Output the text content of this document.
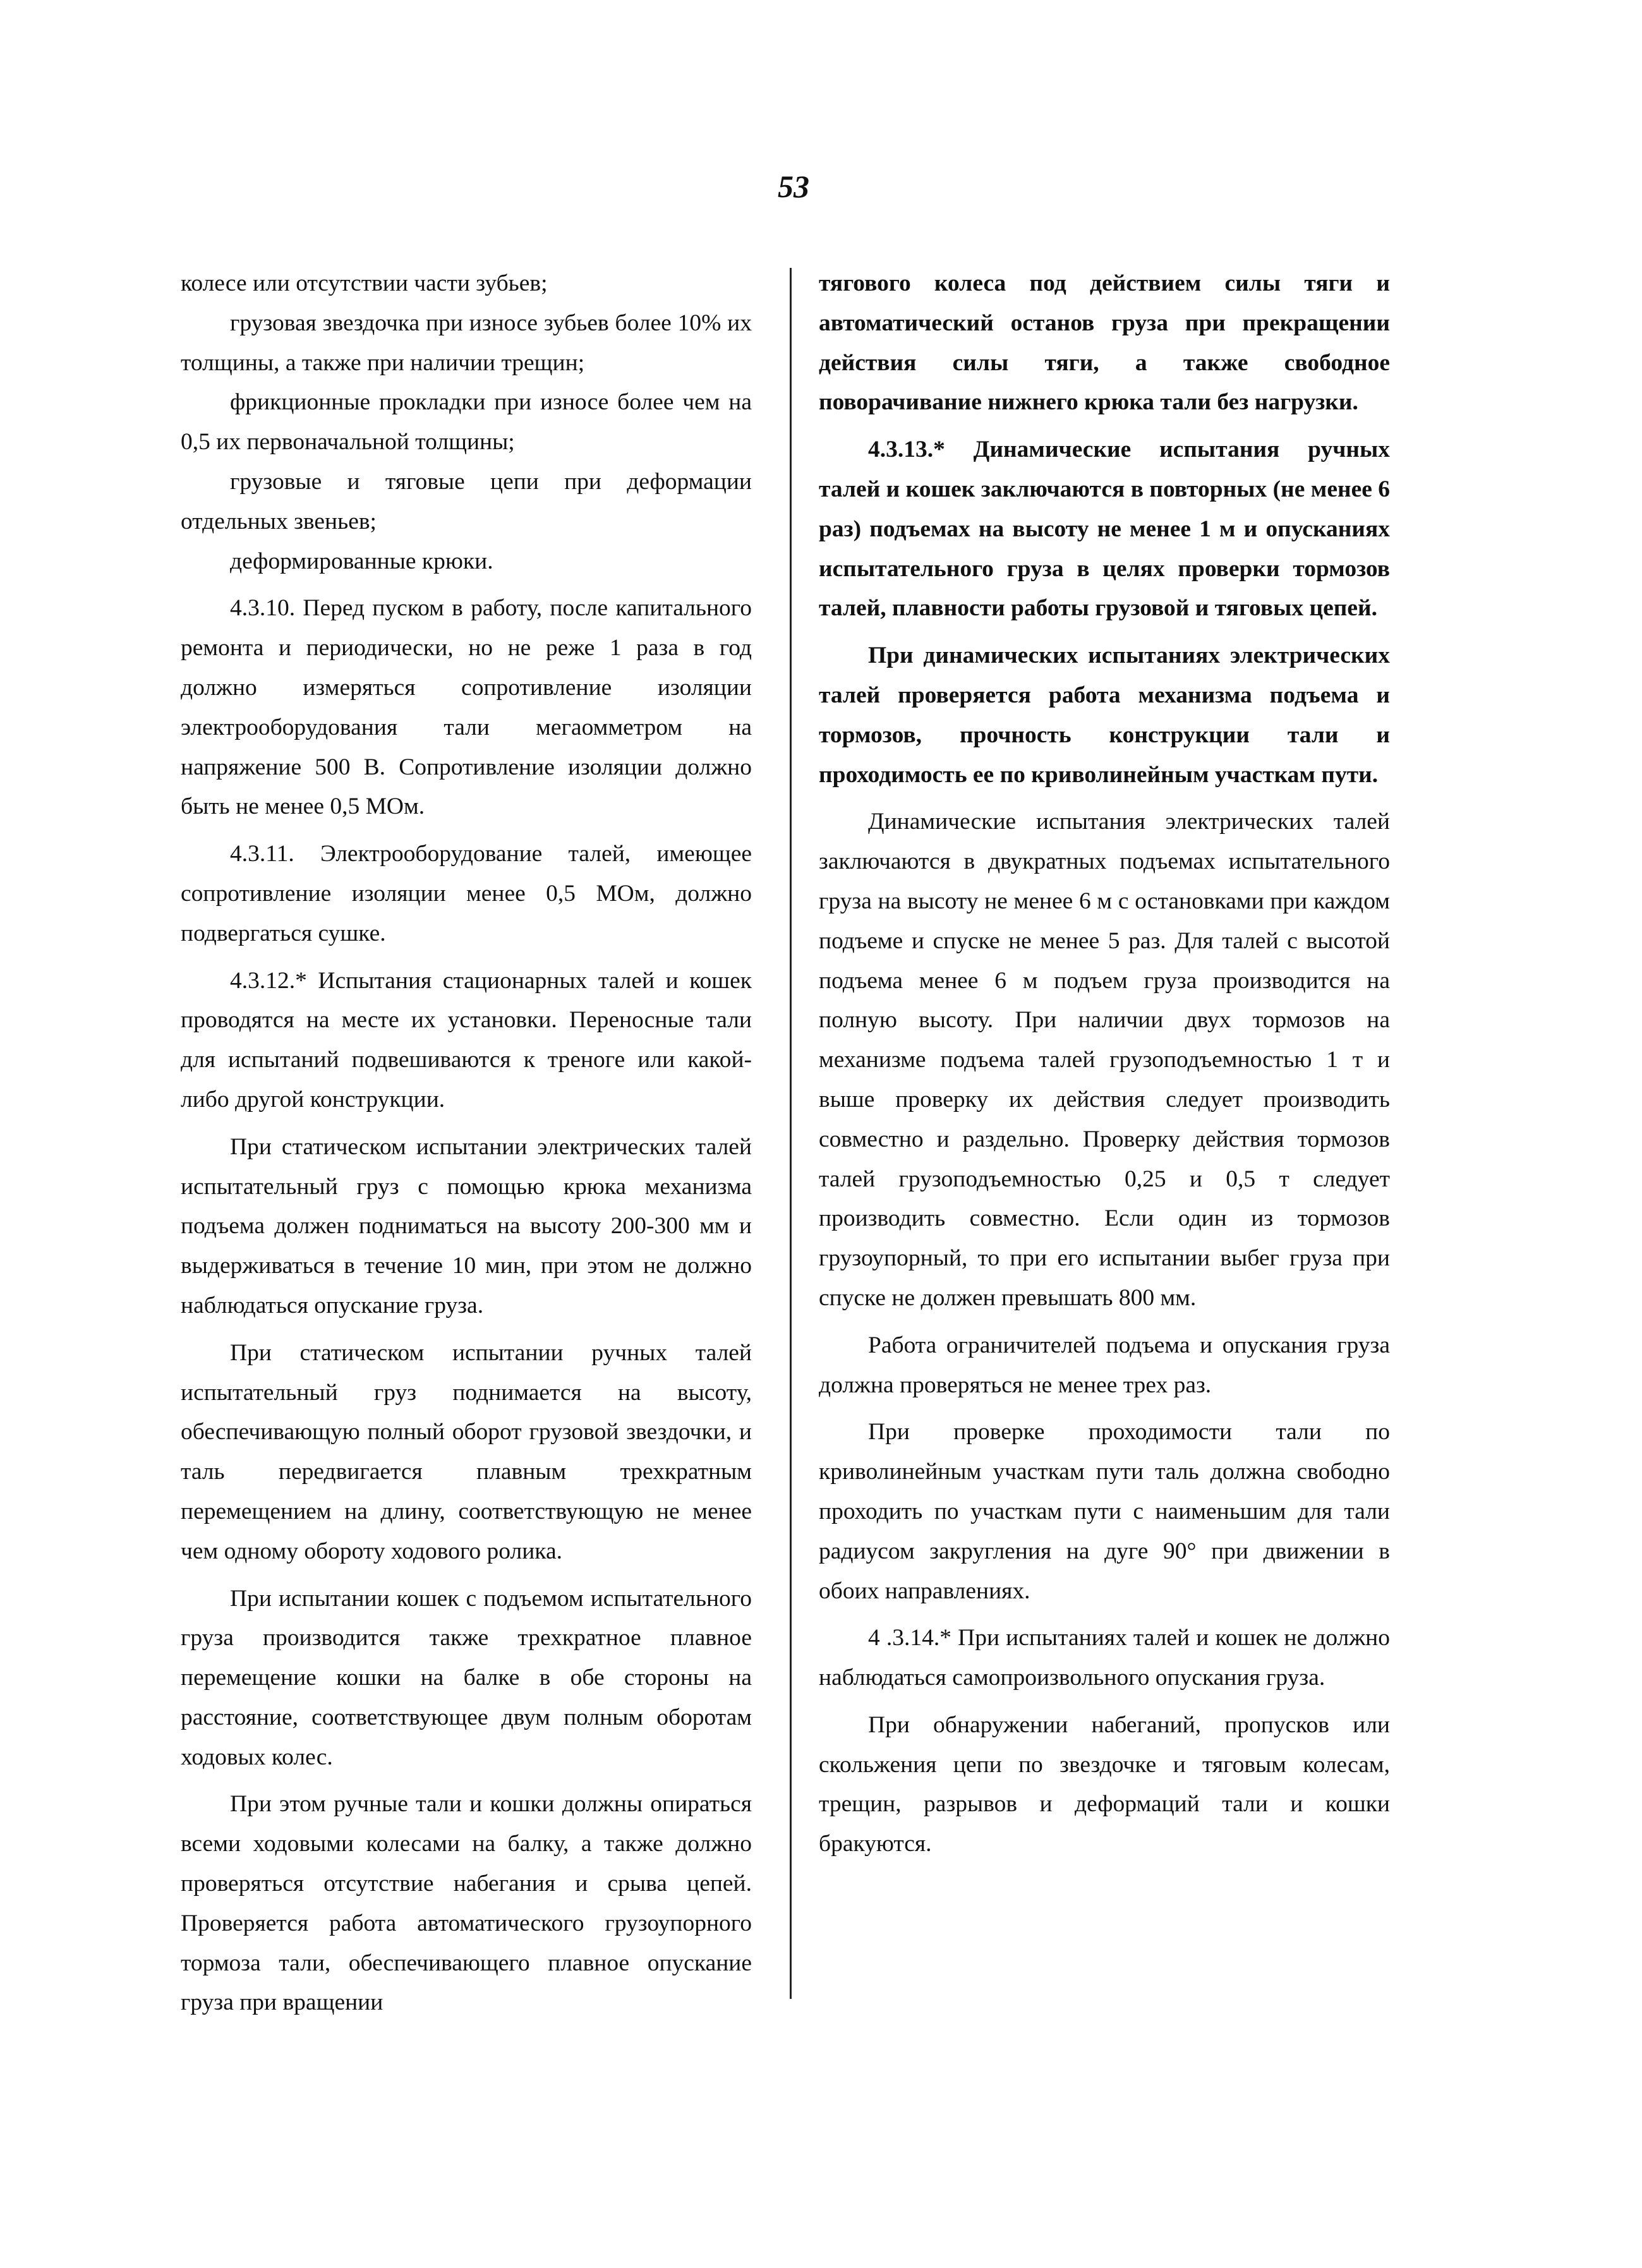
53

колесе или отсутствии части зубьев;

грузовая звездочка при износе зубьев более 10% их толщины, а также при наличии трещин;

фрикционные прокладки при износе более чем на 0,5 их первоначальной толщины;

грузовые и тяговые цепи при деформации отдельных звеньев;

деформированные крюки.

4.3.10. Перед пуском в работу, после капитального ремонта и периодически, но не реже 1 раза в год должно измеряться сопротивление изоляции электрооборудования тали мегаомметром на напряжение 500 В. Сопротивление изоляции должно быть не менее 0,5 МОм.

4.3.11. Электрооборудование талей, имеющее сопротивление изоляции менее 0,5 МОм, должно подвергаться сушке.

4.3.12.* Испытания стационарных талей и кошек проводятся на месте их установки. Переносные тали для испытаний подвешиваются к треноге или какой-либо другой конструкции.

При статическом испытании электрических талей испытательный груз с помощью крюка механизма подъема должен подниматься на высоту 200-300 мм и выдерживаться в течение 10 мин, при этом не должно наблюдаться опускание груза.

При статическом испытании ручных талей испытательный груз поднимается на высоту, обеспечивающую полный оборот грузовой звездочки, и таль передвигается плавным трехкратным перемещением на длину, соответствующую не менее чем одному обороту ходового ролика.

При испытании кошек с подъемом испытательного груза производится также трехкратное плавное перемещение кошки на балке в обе стороны на расстояние, соответствующее двум полным оборотам ходовых колес.

При этом ручные тали и кошки должны опираться всеми ходовыми колесами на балку, а также должно проверяться отсутствие набегания и срыва цепей. Проверяется работа автоматического грузоупорного тормоза тали, обеспечивающего плавное опускание груза при вращении

тягового колеса под действием силы тяги и автоматический останов груза при прекращении действия силы тяги, а также свободное поворачивание нижнего крюка тали без нагрузки.

4.3.13.* Динамические испытания ручных талей и кошек заключаются в повторных (не менее 6 раз) подъемах на высоту не менее 1 м и опусканиях испытательного груза в целях проверки тормозов талей, плавности работы грузовой и тяговых цепей.

При динамических испытаниях электрических талей проверяется работа механизма подъема и тормозов, прочность конструкции тали и проходимость ее по криволинейным участкам пути.

Динамические испытания электрических талей заключаются в двукратных подъемах испытательного груза на высоту не менее 6 м с остановками при каждом подъеме и спуске не менее 5 раз. Для талей с высотой подъема менее 6 м подъем груза производится на полную высоту. При наличии двух тормозов на механизме подъема талей грузоподъемностью 1 т и выше проверку их действия следует производить совместно и раздельно. Проверку действия тормозов талей грузоподъемностью 0,25 и 0,5 т следует производить совместно. Если один из тормозов грузоупорный, то при его испытании выбег груза при спуске не должен превышать 800 мм.

Работа ограничителей подъема и опускания груза должна проверяться не менее трех раз.

При проверке проходимости тали по криволинейным участкам пути таль должна свободно проходить по участкам пути с наименьшим для тали радиусом закругления на дуге 90° при движении в обоих направлениях.

4 .3.14.* При испытаниях талей и кошек не должно наблюдаться самопроизвольного опускания груза.

При обнаружении набеганий, пропусков или скольжения цепи по звездочке и тяговым колесам, трещин, разрывов и деформаций тали и кошки бракуются.
